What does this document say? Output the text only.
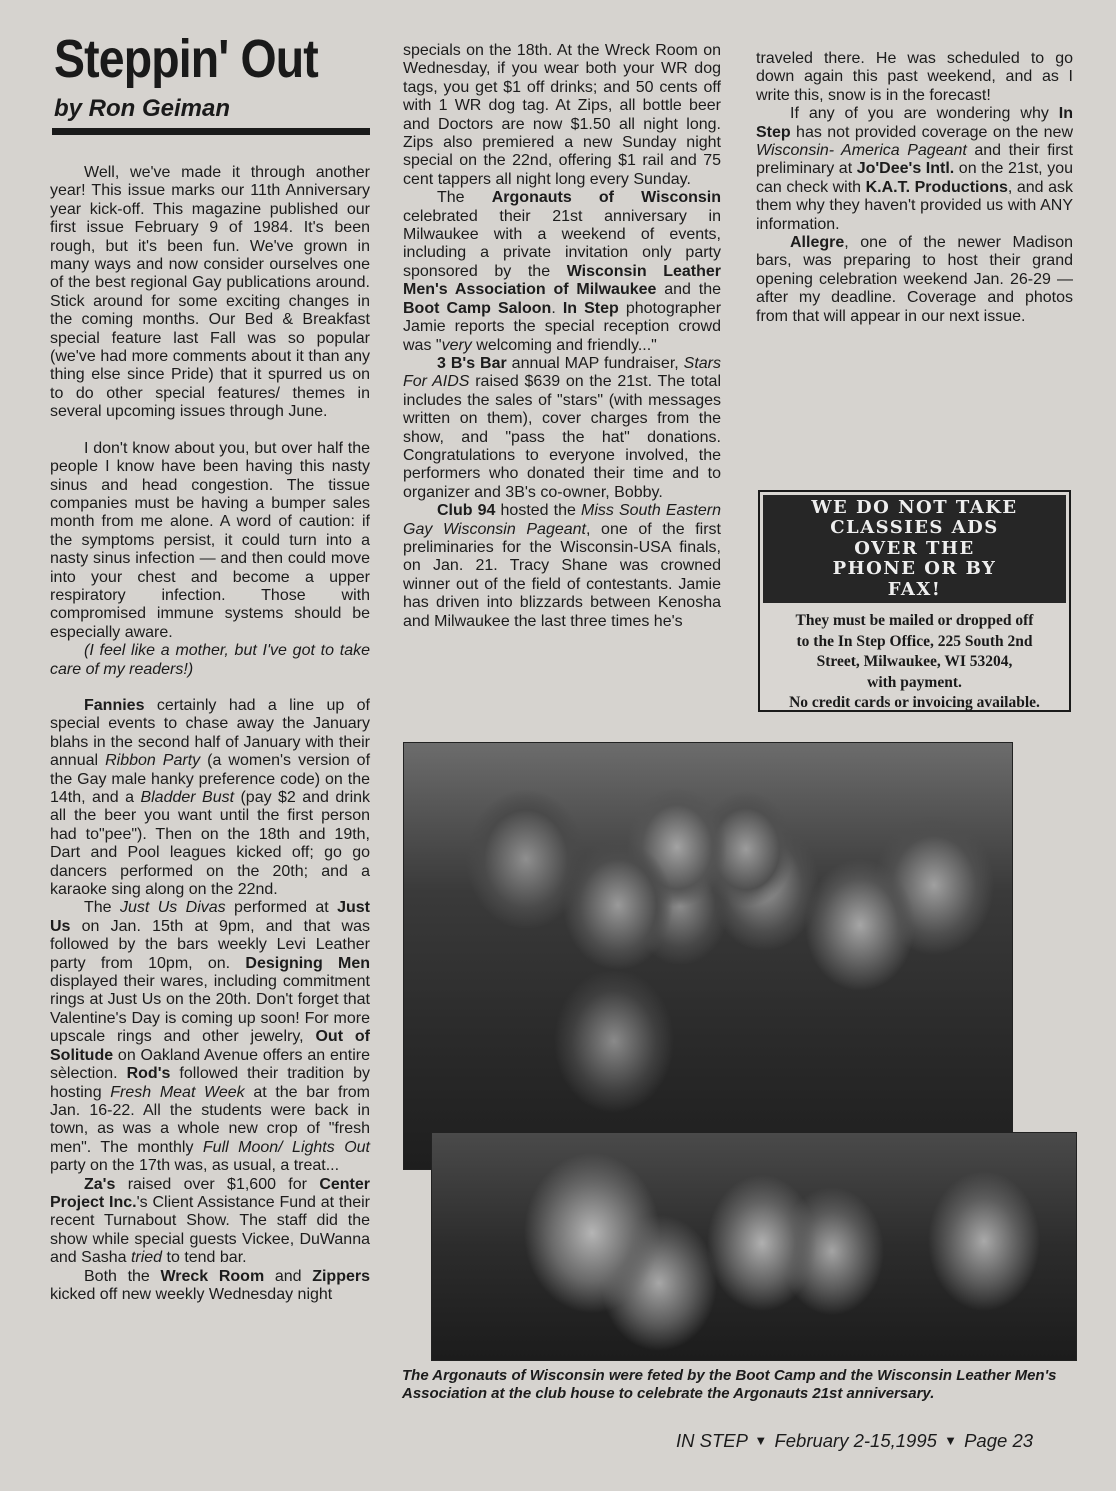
Steppin' Out
by Ron Geiman

Well, we've made it through another year! This issue marks our 11th Anniversary year kick-off. This magazine published our first issue February 9 of 1984. It's been rough, but it's been fun. We've grown in many ways and now consider ourselves one of the best regional Gay publications around. Stick around for some exciting changes in the coming months. Our Bed & Breakfast special feature last Fall was so popular (we've had more comments about it than any thing else since Pride) that it spurred us on to do other special features/ themes in several upcoming issues through June.

I don't know about you, but over half the people I know have been having this nasty sinus and head congestion. The tissue companies must be having a bumper sales month from me alone. A word of caution: if the symptoms persist, it could turn into a nasty sinus infection — and then could move into your chest and become a upper respiratory infection. Those with compromised immune systems should be especially aware.

(I feel like a mother, but I've got to take care of my readers!)

Fannies certainly had a line up of special events to chase away the January blahs in the second half of January with their annual Ribbon Party (a women's version of the Gay male hanky preference code) on the 14th, and a Bladder Bust (pay $2 and drink all the beer you want until the first person had to"pee"). Then on the 18th and 19th, Dart and Pool leagues kicked off; go go dancers performed on the 20th; and a karaoke sing along on the 22nd.

The Just Us Divas performed at Just Us on Jan. 15th at 9pm, and that was followed by the bars weekly Levi Leather party from 10pm, on. Designing Men displayed their wares, including commitment rings at Just Us on the 20th. Don't forget that Valentine's Day is coming up soon! For more upscale rings and other jewelry, Out of Solitude on Oakland Avenue offers an entire sèlection. Rod's followed their tradition by hosting Fresh Meat Week at the bar from Jan. 16-22. All the students were back in town, as was a whole new crop of "fresh men". The monthly Full Moon/ Lights Out party on the 17th was, as usual, a treat...

Za's raised over $1,600 for Center Project Inc.'s Client Assistance Fund at their recent Turnabout Show. The staff did the show while special guests Vickee, DuWanna and Sasha tried to tend bar.

Both the Wreck Room and Zippers kicked off new weekly Wednesday night

specials on the 18th. At the Wreck Room on Wednesday, if you wear both your WR dog tags, you get $1 off drinks; and 50 cents off with 1 WR dog tag. At Zips, all bottle beer and Doctors are now $1.50 all night long. Zips also premiered a new Sunday night special on the 22nd, offering $1 rail and 75 cent tappers all night long every Sunday.

The Argonauts of Wisconsin celebrated their 21st anniversary in Milwaukee with a weekend of events, including a private invitation only party sponsored by the Wisconsin Leather Men's Association of Milwaukee and the Boot Camp Saloon. In Step photographer Jamie reports the special reception crowd was "very welcoming and friendly..."

3 B's Bar annual MAP fundraiser, Stars For AIDS raised $639 on the 21st. The total includes the sales of "stars" (with messages written on them), cover charges from the show, and "pass the hat" donations. Congratulations to everyone involved, the performers who donated their time and to organizer and 3B's co-owner, Bobby.

Club 94 hosted the Miss South Eastern Gay Wisconsin Pageant, one of the first preliminaries for the Wisconsin-USA finals, on Jan. 21. Tracy Shane was crowned winner out of the field of contestants. Jamie has driven into blizzards between Kenosha and Milwaukee the last three times he's

traveled there. He was scheduled to go down again this past weekend, and as I write this, snow is in the forecast!

If any of you are wondering why In Step has not provided coverage on the new Wisconsin- America Pageant and their first preliminary at Jo'Dee's Intl. on the 21st, you can check with K.A.T. Productions, and ask them why they haven't provided us with ANY information.

Allegre, one of the newer Madison bars, was preparing to host their grand opening celebration weekend Jan. 26-29 — after my deadline. Coverage and photos from that will appear in our next issue.

WE DO NOT TAKE
CLASSIES ADS
OVER THE
PHONE OR BY
FAX!
They must be mailed or dropped off
to the In Step Office, 225 South 2nd
Street, Milwaukee, WI 53204,
with payment.
No credit cards or invoicing available.
The Argonauts of Wisconsin were feted by the Boot Camp and the Wisconsin Leather Men's Association at the club house to celebrate the Argonauts 21st anniversary.
IN STEP ▼ February 2-15,1995 ▼ Page 23
